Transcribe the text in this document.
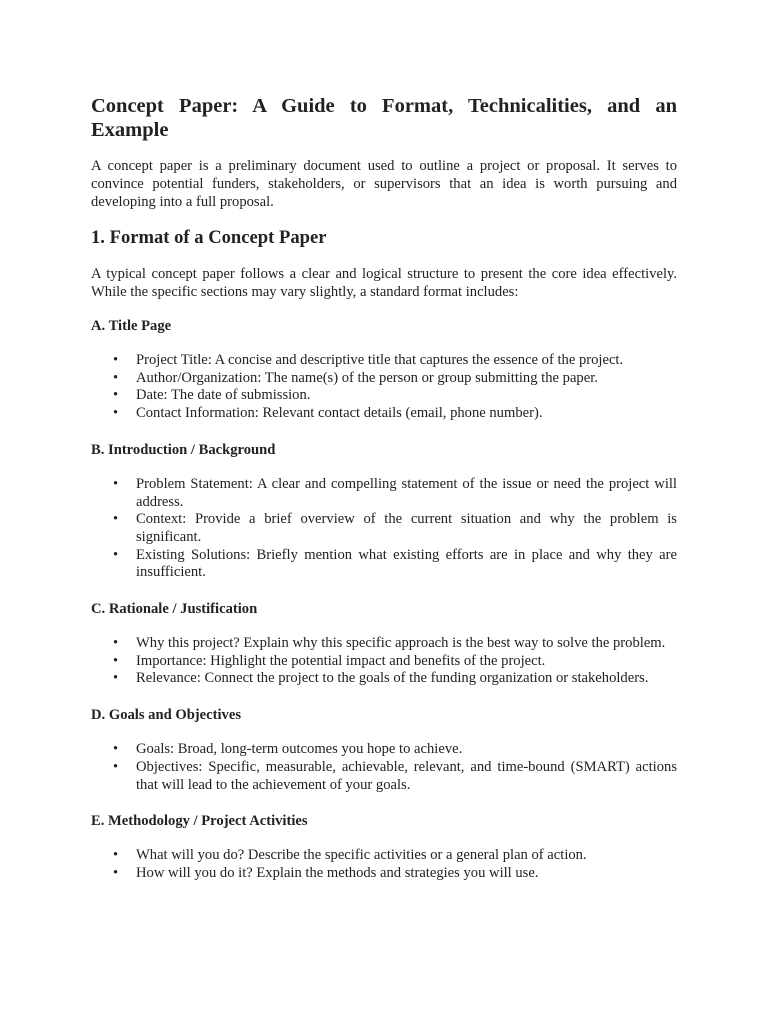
Concept Paper: A Guide to Format, Technicalities, and an Example

A concept paper is a preliminary document used to outline a project or proposal. It serves to convince potential funders, stakeholders, or supervisors that an idea is worth pursuing and developing into a full proposal.

1. Format of a Concept Paper

A typical concept paper follows a clear and logical structure to present the core idea effectively. While the specific sections may vary slightly, a standard format includes:

A. Title Page
• Project Title: A concise and descriptive title that captures the essence of the project.
• Author/Organization: The name(s) of the person or group submitting the paper.
• Date: The date of submission.
• Contact Information: Relevant contact details (email, phone number).
B. Introduction / Background
• Problem Statement: A clear and compelling statement of the issue or need the project will address.
• Context: Provide a brief overview of the current situation and why the problem is significant.
• Existing Solutions: Briefly mention what existing efforts are in place and why they are insufficient.
C. Rationale / Justification
• Why this project? Explain why this specific approach is the best way to solve the problem.
• Importance: Highlight the potential impact and benefits of the project.
• Relevance: Connect the project to the goals of the funding organization or stakeholders.
D. Goals and Objectives
• Goals: Broad, long-term outcomes you hope to achieve.
• Objectives: Specific, measurable, achievable, relevant, and time-bound (SMART) actions that will lead to the achievement of your goals.
E. Methodology / Project Activities
• What will you do? Describe the specific activities or a general plan of action.
• How will you do it? Explain the methods and strategies you will use.
